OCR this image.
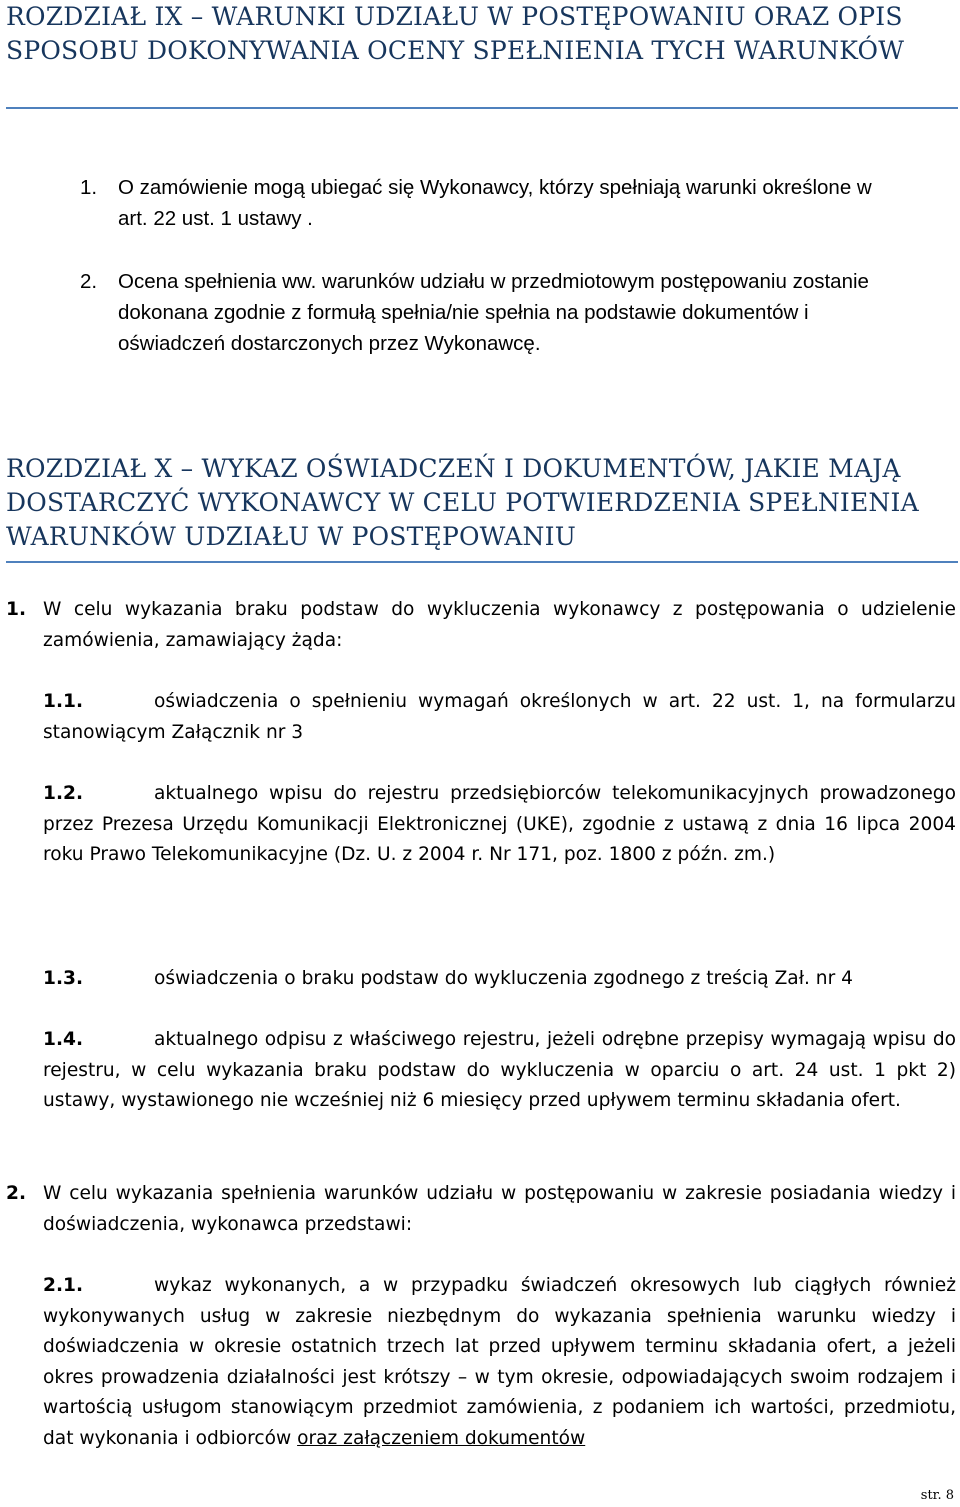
ROZDZIAŁ IX – WARUNKI UDZIAŁU W POSTĘPOWANIU ORAZ OPIS
SPOSOBU DOKONYWANIA OCENY SPEŁNIENIA TYCH WARUNKÓW
1. O zamówienie mogą ubiegać się Wykonawcy, którzy spełniają warunki określone w art. 22 ust. 1 ustawy .
2. Ocena spełnienia ww. warunków udziału w przedmiotowym postępowaniu zostanie dokonana zgodnie z formułą spełnia/nie spełnia na podstawie dokumentów i oświadczeń dostarczonych przez Wykonawcę.
ROZDZIAŁ X – WYKAZ OŚWIADCZEŃ I DOKUMENTÓW, JAKIE MAJĄ
DOSTARCZYĆ WYKONAWCY W CELU POTWIERDZENIA SPEŁNIENIA
WARUNKÓW UDZIAŁU W POSTĘPOWANIU
1. W celu wykazania braku podstaw do wykluczenia wykonawcy z postępowania o udzielenie zamówienia, zamawiający żąda:
1.1.	oświadczenia o spełnieniu wymagań określonych w art. 22 ust. 1, na formularzu stanowiącym Załącznik nr 3
1.2.	aktualnego wpisu do rejestru przedsiębiorców telekomunikacyjnych prowadzonego przez Prezesa Urzędu Komunikacji Elektronicznej (UKE), zgodnie z ustawą z dnia 16 lipca 2004 roku Prawo Telekomunikacyjne (Dz. U. z 2004 r. Nr 171, poz. 1800 z późn. zm.)
1.3.	oświadczenia o braku podstaw do wykluczenia zgodnego z treścią Zał. nr 4
1.4.	aktualnego odpisu z właściwego rejestru, jeżeli odrębne przepisy wymagają wpisu do rejestru, w celu wykazania braku podstaw do wykluczenia w oparciu o art. 24 ust. 1 pkt 2) ustawy, wystawionego nie wcześniej niż 6 miesięcy przed upływem terminu składania ofert.
2. W celu wykazania spełnienia warunków udziału w postępowaniu w zakresie posiadania wiedzy i doświadczenia, wykonawca przedstawi:
2.1.	wykaz wykonanych, a w przypadku świadczeń okresowych lub ciągłych również wykonywanych usług w zakresie niezbędnym do wykazania spełnienia warunku wiedzy i doświadczenia w okresie ostatnich trzech lat przed upływem terminu składania ofert, a jeżeli okres prowadzenia działalności jest krótszy – w tym okresie, odpowiadających swoim rodzajem i wartością usługom stanowiącym przedmiot zamówienia, z podaniem ich wartości, przedmiotu, dat wykonania i odbiorców oraz załączeniem dokumentów
str. 8
